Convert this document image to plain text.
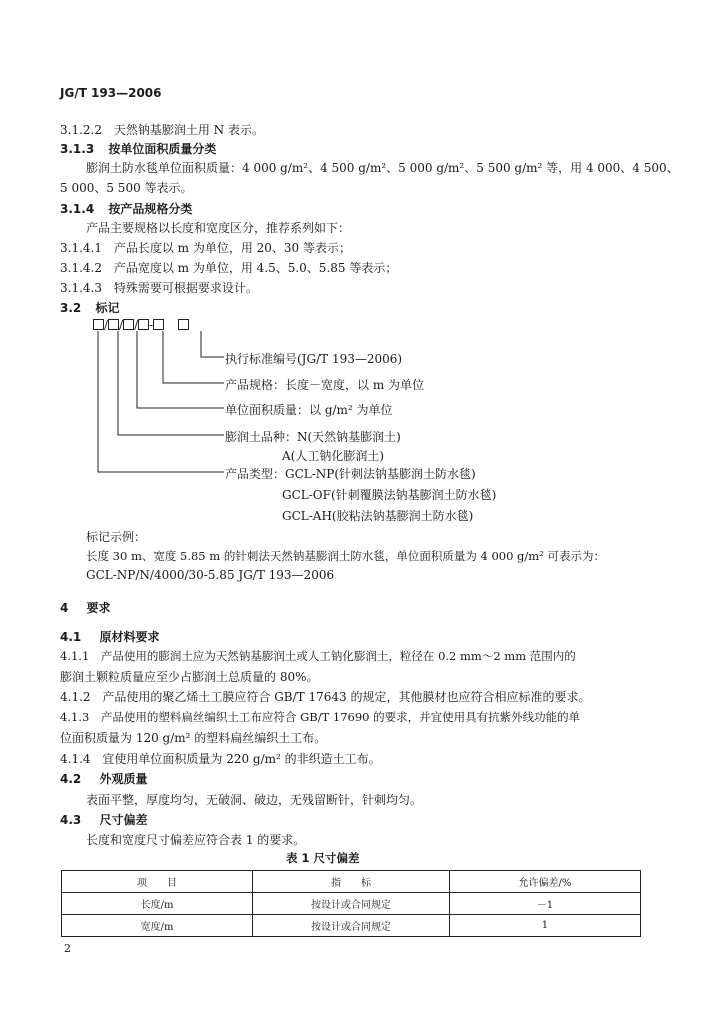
JG/T 193—2006
3.1.2.2 天然钠基膨润土用 N 表示。
3.1.3 按单位面积质量分类
膨润土防水毯单位面积质量：4 000 g/m²、4 500 g/m²、5 000 g/m²、5 500 g/m² 等，用 4 000、4 500、
5 000、5 500 等表示。
3.1.4 按产品规格分类
产品主要规格以长度和宽度区分，推荐系列如下：
3.1.4.1 产品长度以 m 为单位，用 20、30 等表示；
3.1.4.2 产品宽度以 m 为单位，用 4.5、5.0、5.85 等表示；
3.1.4.3 特殊需要可根据要求设计。
3.2 标记
/ / / -
执行标准编号(JG/T 193—2006)
产品规格：长度－宽度，以 m 为单位
单位面积质量：以 g/m² 为单位
膨润土品种：N(天然钠基膨润土)
A(人工钠化膨润土)
产品类型：GCL-NP(针刺法钠基膨润土防水毯)
GCL-OF(针刺覆膜法钠基膨润土防水毯)
GCL-AH(胶粘法钠基膨润土防水毯)
标记示例：
长度 30 m、宽度 5.85 m 的针刺法天然钠基膨润土防水毯，单位面积质量为 4 000 g/m² 可表示为：
GCL-NP/N/4000/30-5.85 JG/T 193—2006
4 要求
4.1 原材料要求
4.1.1 产品使用的膨润土应为天然钠基膨润土或人工钠化膨润土，粒径在 0.2 mm～2 mm 范围内的
膨润土颗粒质量应至少占膨润土总质量的 80%。
4.1.2 产品使用的聚乙烯土工膜应符合 GB/T 17643 的规定，其他膜材也应符合相应标准的要求。
4.1.3 产品使用的塑料扁丝编织土工布应符合 GB/T 17690 的要求，并宜使用具有抗紫外线功能的单
位面积质量为 120 g/m² 的塑料扁丝编织土工布。
4.1.4 宜使用单位面积质量为 220 g/m² 的非织造土工布。
4.2 外观质量
表面平整，厚度均匀，无破洞、破边，无残留断针，针刺均匀。
4.3 尺寸偏差
长度和宽度尺寸偏差应符合表 1 的要求。
表 1 尺寸偏差
项　　目	指　　标	允许偏差/%
长度/m	按设计或合同规定	－1
宽度/m	按设计或合同规定	1
2
